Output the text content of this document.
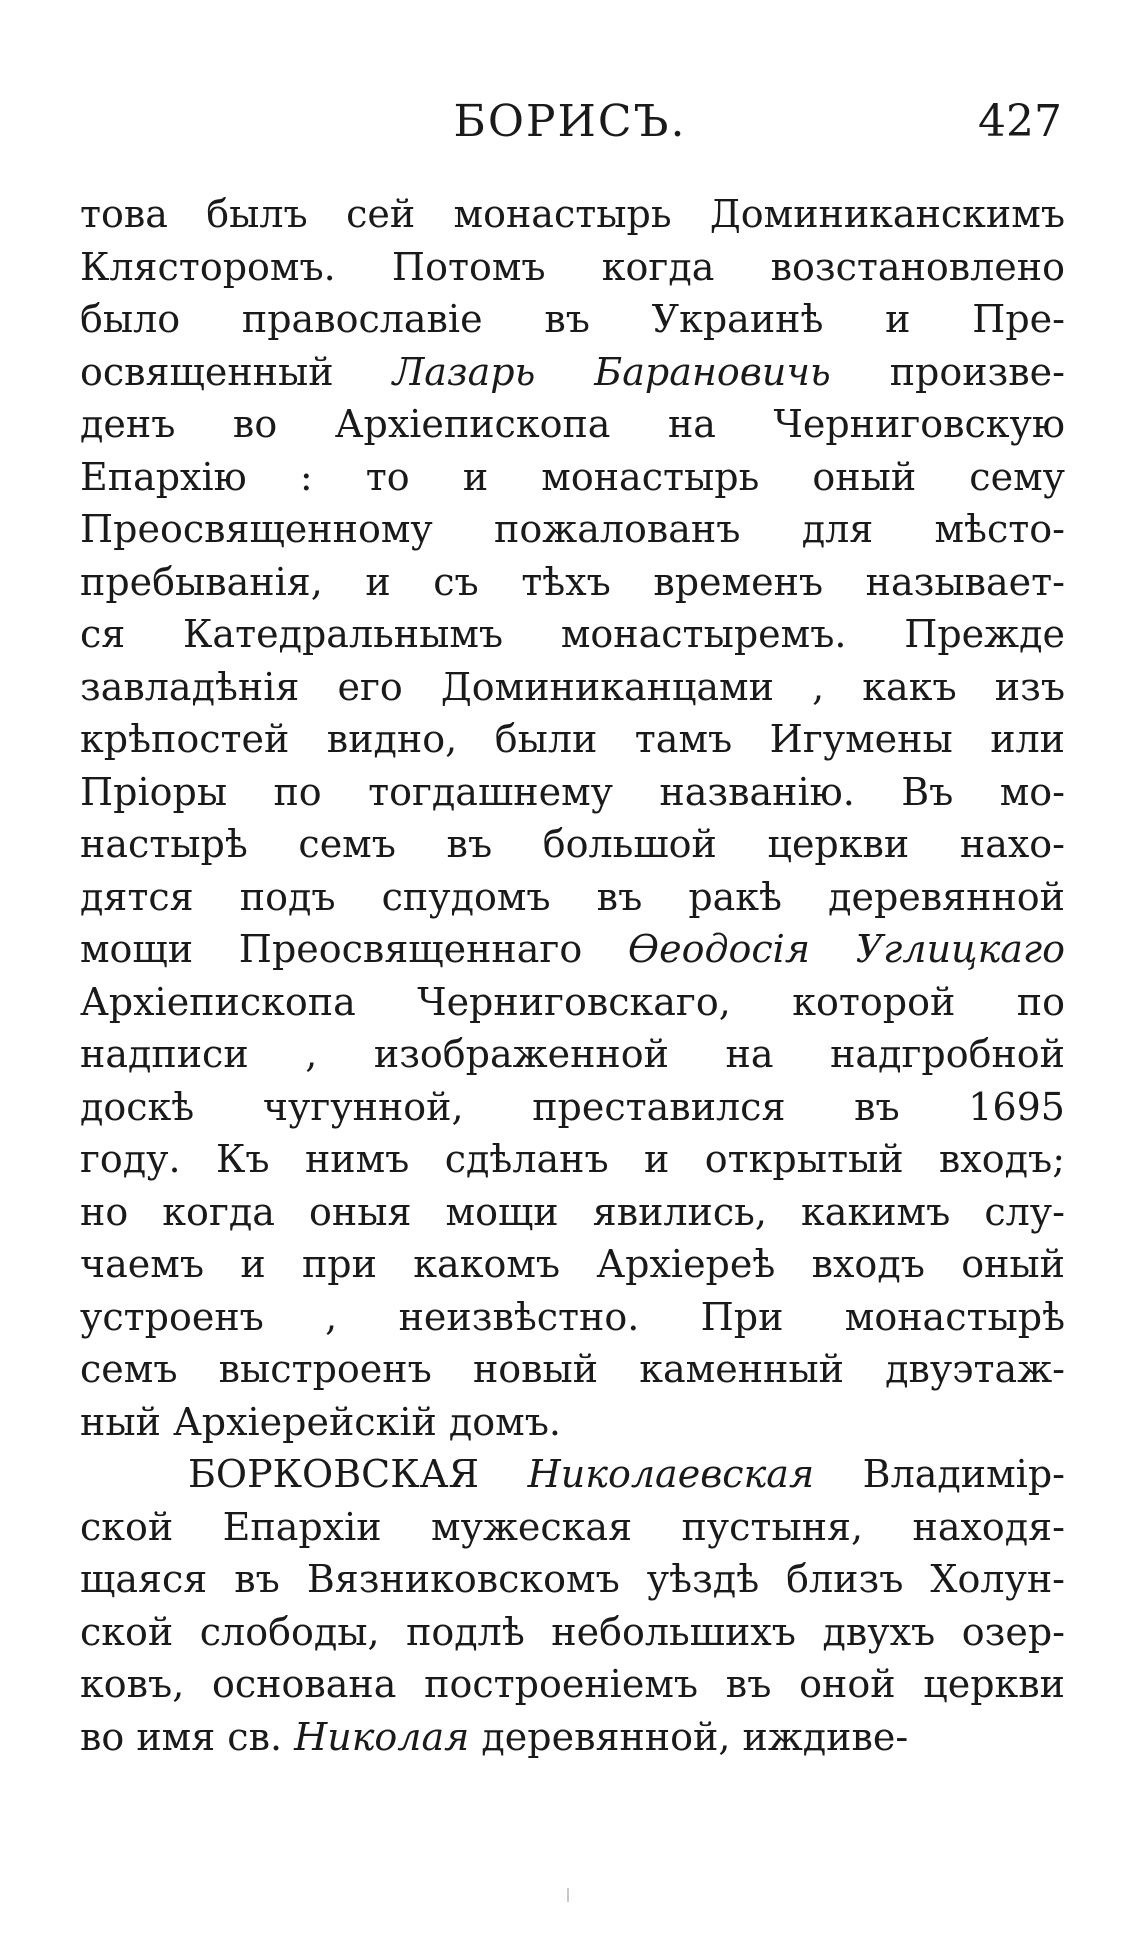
БОРИСЪ.	427
това былъ сей монастырь Доминиканскимъ
Клясторомъ. Потомъ когда возстановлено
было православіе въ Украинѣ и Пре-
освященный Лазарь Барановичь произве-
денъ во Архіепископа на Черниговскую
Епархію : то и монастырь оный сему
Преосвященному пожалованъ для мѣсто-
пребыванія, и съ тѣхъ временъ называет-
ся Катедральнымъ монастыремъ. Прежде
завладѣнія его Доминиканцами , какъ изъ
крѣпостей видно, были тамъ Игумены или
Пріоры по тогдашнему названію. Въ мо-
настырѣ семъ въ большой церкви нахо-
дятся подъ спудомъ въ ракѣ деревянной
мощи Преосвященнаго Ѳеодосія Углицкаго
Архіепископа Черниговскаго, которой по
надписи , изображенной на надгробной
доскѣ чугунной, преставился въ 1695
году. Къ нимъ сдѣланъ и открытый входъ;
но когда оныя мощи явились, какимъ слу-
чаемъ и при какомъ Архіереѣ входъ оный
устроенъ , неизвѣстно. При монастырѣ
семъ выстроенъ новый каменный двуэтаж-
ный Архіерейскій домъ.
БОРКОВСКАЯ Николаевская Владимір-
ской Епархіи мужеская пустыня, находя-
щаяся въ Вязниковскомъ уѣздѣ близъ Холун-
ской слободы, подлѣ небольшихъ двухъ озер-
ковъ, основана построеніемъ въ оной церкви
во имя св. Николая деревянной, иждиве-
